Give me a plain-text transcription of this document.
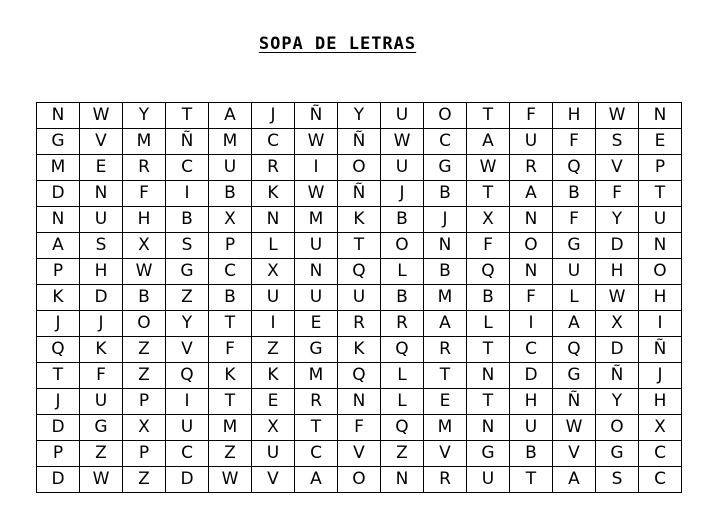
SOPA DE LETRAS
N	W	Y	T	A	J	Ñ	Y	U	O	T	F	H	W	N
G	V	M	Ñ	M	C	W	Ñ	W	C	A	U	F	S	E
M	E	R	C	U	R	I	O	U	G	W	R	Q	V	P
D	N	F	I	B	K	W	Ñ	J	B	T	A	B	F	T
N	U	H	B	X	N	M	K	B	J	X	N	F	Y	U
A	S	X	S	P	L	U	T	O	N	F	O	G	D	N
P	H	W	G	C	X	N	Q	L	B	Q	N	U	H	O
K	D	B	Z	B	U	U	U	B	M	B	F	L	W	H
J	J	O	Y	T	I	E	R	R	A	L	I	A	X	I
Q	K	Z	V	F	Z	G	K	Q	R	T	C	Q	D	Ñ
T	F	Z	Q	K	K	M	Q	L	T	N	D	G	Ñ	J
J	U	P	I	T	E	R	N	L	E	T	H	Ñ	Y	H
D	G	X	U	M	X	T	F	Q	M	N	U	W	O	X
P	Z	P	C	Z	U	C	V	Z	V	G	B	V	G	C
D	W	Z	D	W	V	A	O	N	R	U	T	A	S	C
